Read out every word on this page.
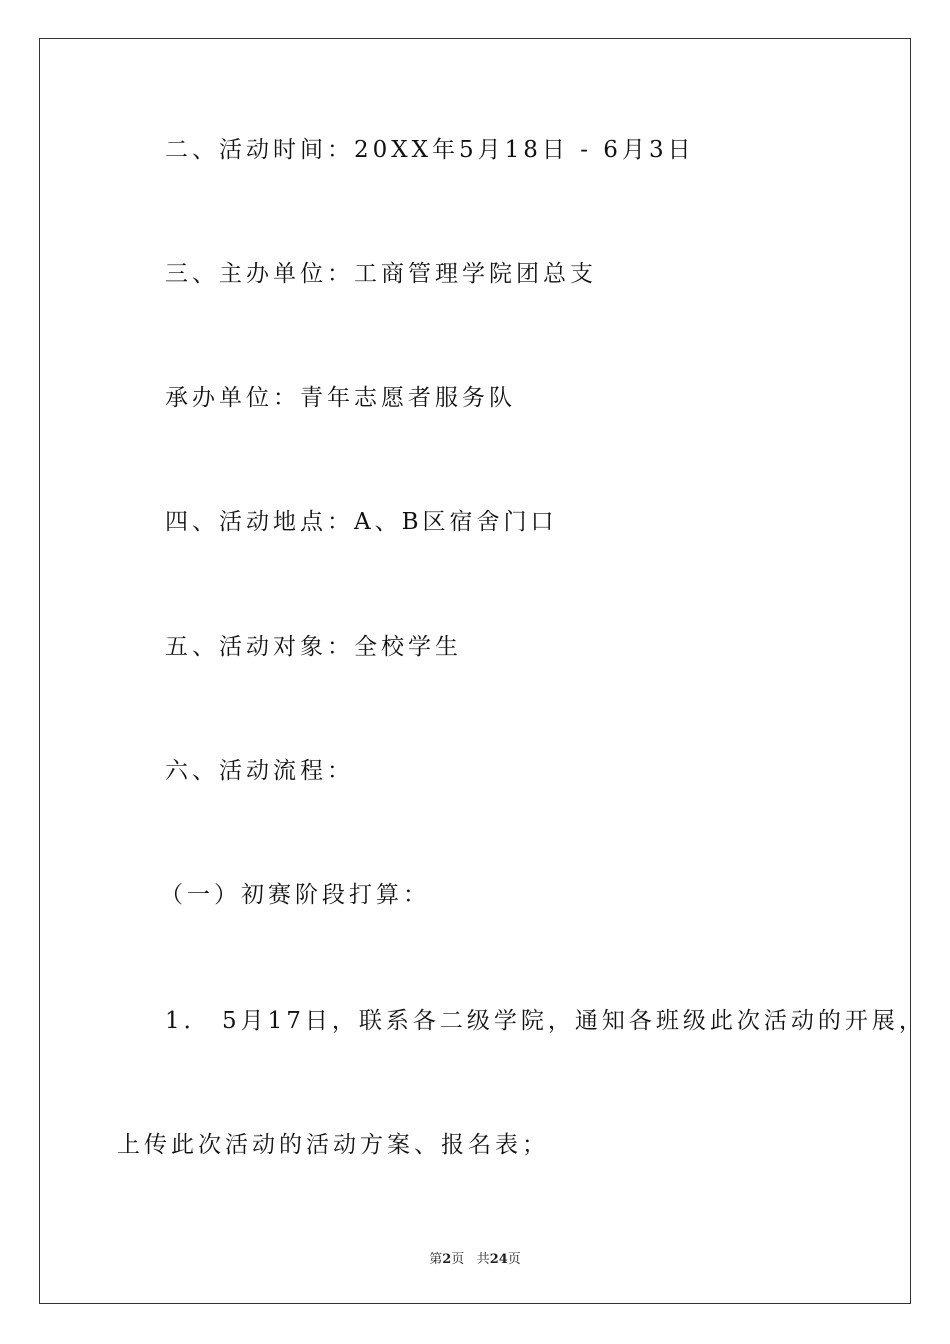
二、活动时间：20XX年5月18日 - 6月3日
三、主办单位：工商管理学院团总支
承办单位：青年志愿者服务队
四、活动地点：A、B区宿舍门口
五、活动对象：全校学生
六、活动流程：
（一）初赛阶段打算：
1． 5月17日，联系各二级学院，通知各班级此次活动的开展，
上传此次活动的活动方案、报名表；
第2页 共24页
